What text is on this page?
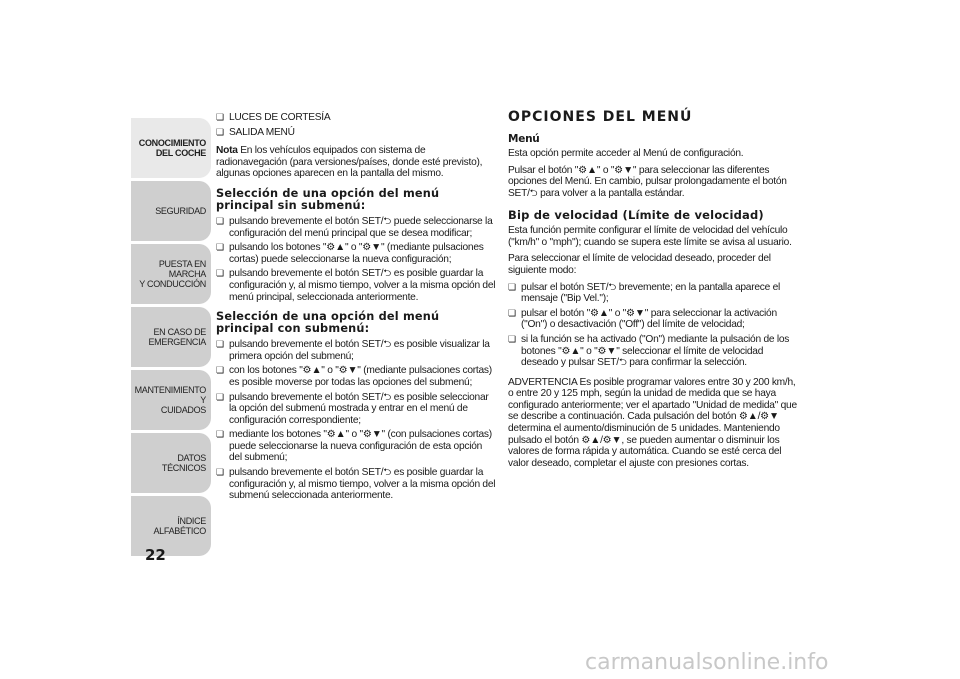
CONOCIMIENTO
DEL COCHE
SEGURIDAD
PUESTA EN MARCHA
Y CONDUCCIÓN
EN CASO DE
EMERGENCIA
MANTENIMIENTO Y
CUIDADOS
DATOS TÉCNICOS
ÍNDICE ALFABÉTICO
22
❏ LUCES DE CORTESÍA
❏ SALIDA MENÚ

Nota En los vehículos equipados con sistema de radionavegación (para versiones/países, donde esté previsto), algunas opciones aparecen en la pantalla del mismo.

Selección de una opción del menú principal sin submenú:
❏ pulsando brevemente el botón SET/⮌ puede seleccionarse la configuración del menú principal que se desea modificar;
❏ pulsando los botones "⚙▲" o "⚙▼" (mediante pulsaciones cortas) puede seleccionarse la nueva configuración;
❏ pulsando brevemente el botón SET/⮌ es posible guardar la configuración y, al mismo tiempo, volver a la misma opción del menú principal, seleccionada anteriormente.
Selección de una opción del menú principal con submenú:
❏ pulsando brevemente el botón SET/⮌ es posible visualizar la primera opción del submenú;
❏ con los botones "⚙▲" o "⚙▼" (mediante pulsaciones cortas) es posible moverse por todas las opciones del submenú;
❏ pulsando brevemente el botón SET/⮌ es posible seleccionar la opción del submenú mostrada y entrar en el menú de configuración correspondiente;
❏ mediante los botones "⚙▲" o "⚙▼" (con pulsaciones cortas) puede seleccionarse la nueva configuración de esta opción del submenú;
❏ pulsando brevemente el botón SET/⮌ es posible guardar la configuración y, al mismo tiempo, volver a la misma opción del submenú seleccionada anteriormente.
OPCIONES DEL MENÚ
Menú

Esta opción permite acceder al Menú de configuración.

Pulsar el botón "⚙▲" o "⚙▼" para seleccionar las diferentes opciones del Menú. En cambio, pulsar prolongadamente el botón SET/⮌ para volver a la pantalla estándar.

Bip de velocidad (Límite de velocidad)

Esta función permite configurar el límite de velocidad del vehículo ("km/h" o "mph"); cuando se supera este límite se avisa al usuario.

Para seleccionar el límite de velocidad deseado, proceder del siguiente modo:

❏ pulsar el botón SET/⮌ brevemente; en la pantalla aparece el mensaje ("Bip Vel.");
❏ pulsar el botón "⚙▲" o "⚙▼" para seleccionar la activación ("On") o desactivación ("Off") del límite de velocidad;
❏ si la función se ha activado ("On") mediante la pulsación de los botones "⚙▲" o "⚙▼" seleccionar el límite de velocidad deseado y pulsar SET/⮌ para confirmar la selección.

ADVERTENCIA Es posible programar valores entre 30 y 200 km/h, o entre 20 y 125 mph, según la unidad de medida que se haya configurado anteriormente; ver el apartado "Unidad de medida" que se describe a continuación. Cada pulsación del botón ⚙▲/⚙▼ determina el aumento/disminución de 5 unidades. Manteniendo pulsado el botón ⚙▲/⚙▼, se pueden aumentar o disminuir los valores de forma rápida y automática. Cuando se esté cerca del valor deseado, completar el ajuste con presiones cortas.

carmanualsonline.info
